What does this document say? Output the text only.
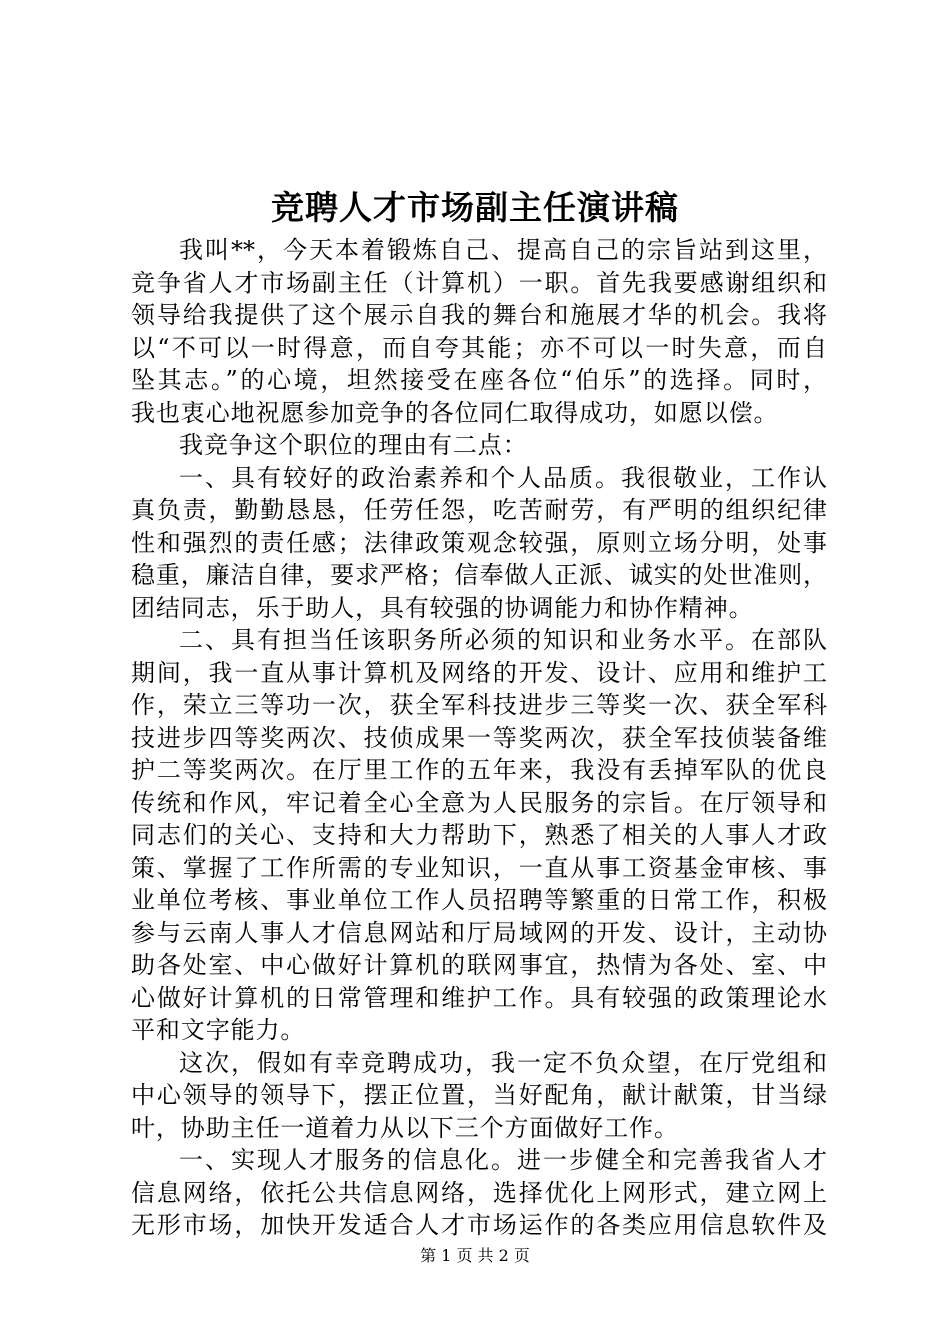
竞聘人才市场副主任演讲稿
我叫**，今天本着锻炼自己、提高自己的宗旨站到这里，
竞争省人才市场副主任（计算机）一职。首先我要感谢组织和
领导给我提供了这个展示自我的舞台和施展才华的机会。我将
以“不可以一时得意，而自夸其能；亦不可以一时失意，而自
坠其志。”的心境，坦然接受在座各位“伯乐”的选择。同时，
我也衷心地祝愿参加竞争的各位同仁取得成功，如愿以偿。
我竞争这个职位的理由有二点：
一、具有较好的政治素养和个人品质。我很敬业，工作认
真负责，勤勤恳恳，任劳任怨，吃苦耐劳，有严明的组织纪律
性和强烈的责任感；法律政策观念较强，原则立场分明，处事
稳重，廉洁自律，要求严格；信奉做人正派、诚实的处世准则，
团结同志，乐于助人，具有较强的协调能力和协作精神。
二、具有担当任该职务所必须的知识和业务水平。在部队
期间，我一直从事计算机及网络的开发、设计、应用和维护工
作，荣立三等功一次，获全军科技进步三等奖一次、获全军科
技进步四等奖两次、技侦成果一等奖两次，获全军技侦装备维
护二等奖两次。在厅里工作的五年来，我没有丢掉军队的优良
传统和作风，牢记着全心全意为人民服务的宗旨。在厅领导和
同志们的关心、支持和大力帮助下，熟悉了相关的人事人才政
策、掌握了工作所需的专业知识，一直从事工资基金审核、事
业单位考核、事业单位工作人员招聘等繁重的日常工作，积极
参与云南人事人才信息网站和厅局域网的开发、设计，主动协
助各处室、中心做好计算机的联网事宜，热情为各处、室、中
心做好计算机的日常管理和维护工作。具有较强的政策理论水
平和文字能力。
这次，假如有幸竞聘成功，我一定不负众望，在厅党组和
中心领导的领导下，摆正位置，当好配角，献计献策，甘当绿
叶，协助主任一道着力从以下三个方面做好工作。
一、实现人才服务的信息化。进一步健全和完善我省人才
信息网络，依托公共信息网络，选择优化上网形式，建立网上
无形市场，加快开发适合人才市场运作的各类应用信息软件及
第 1 页 共 2 页
